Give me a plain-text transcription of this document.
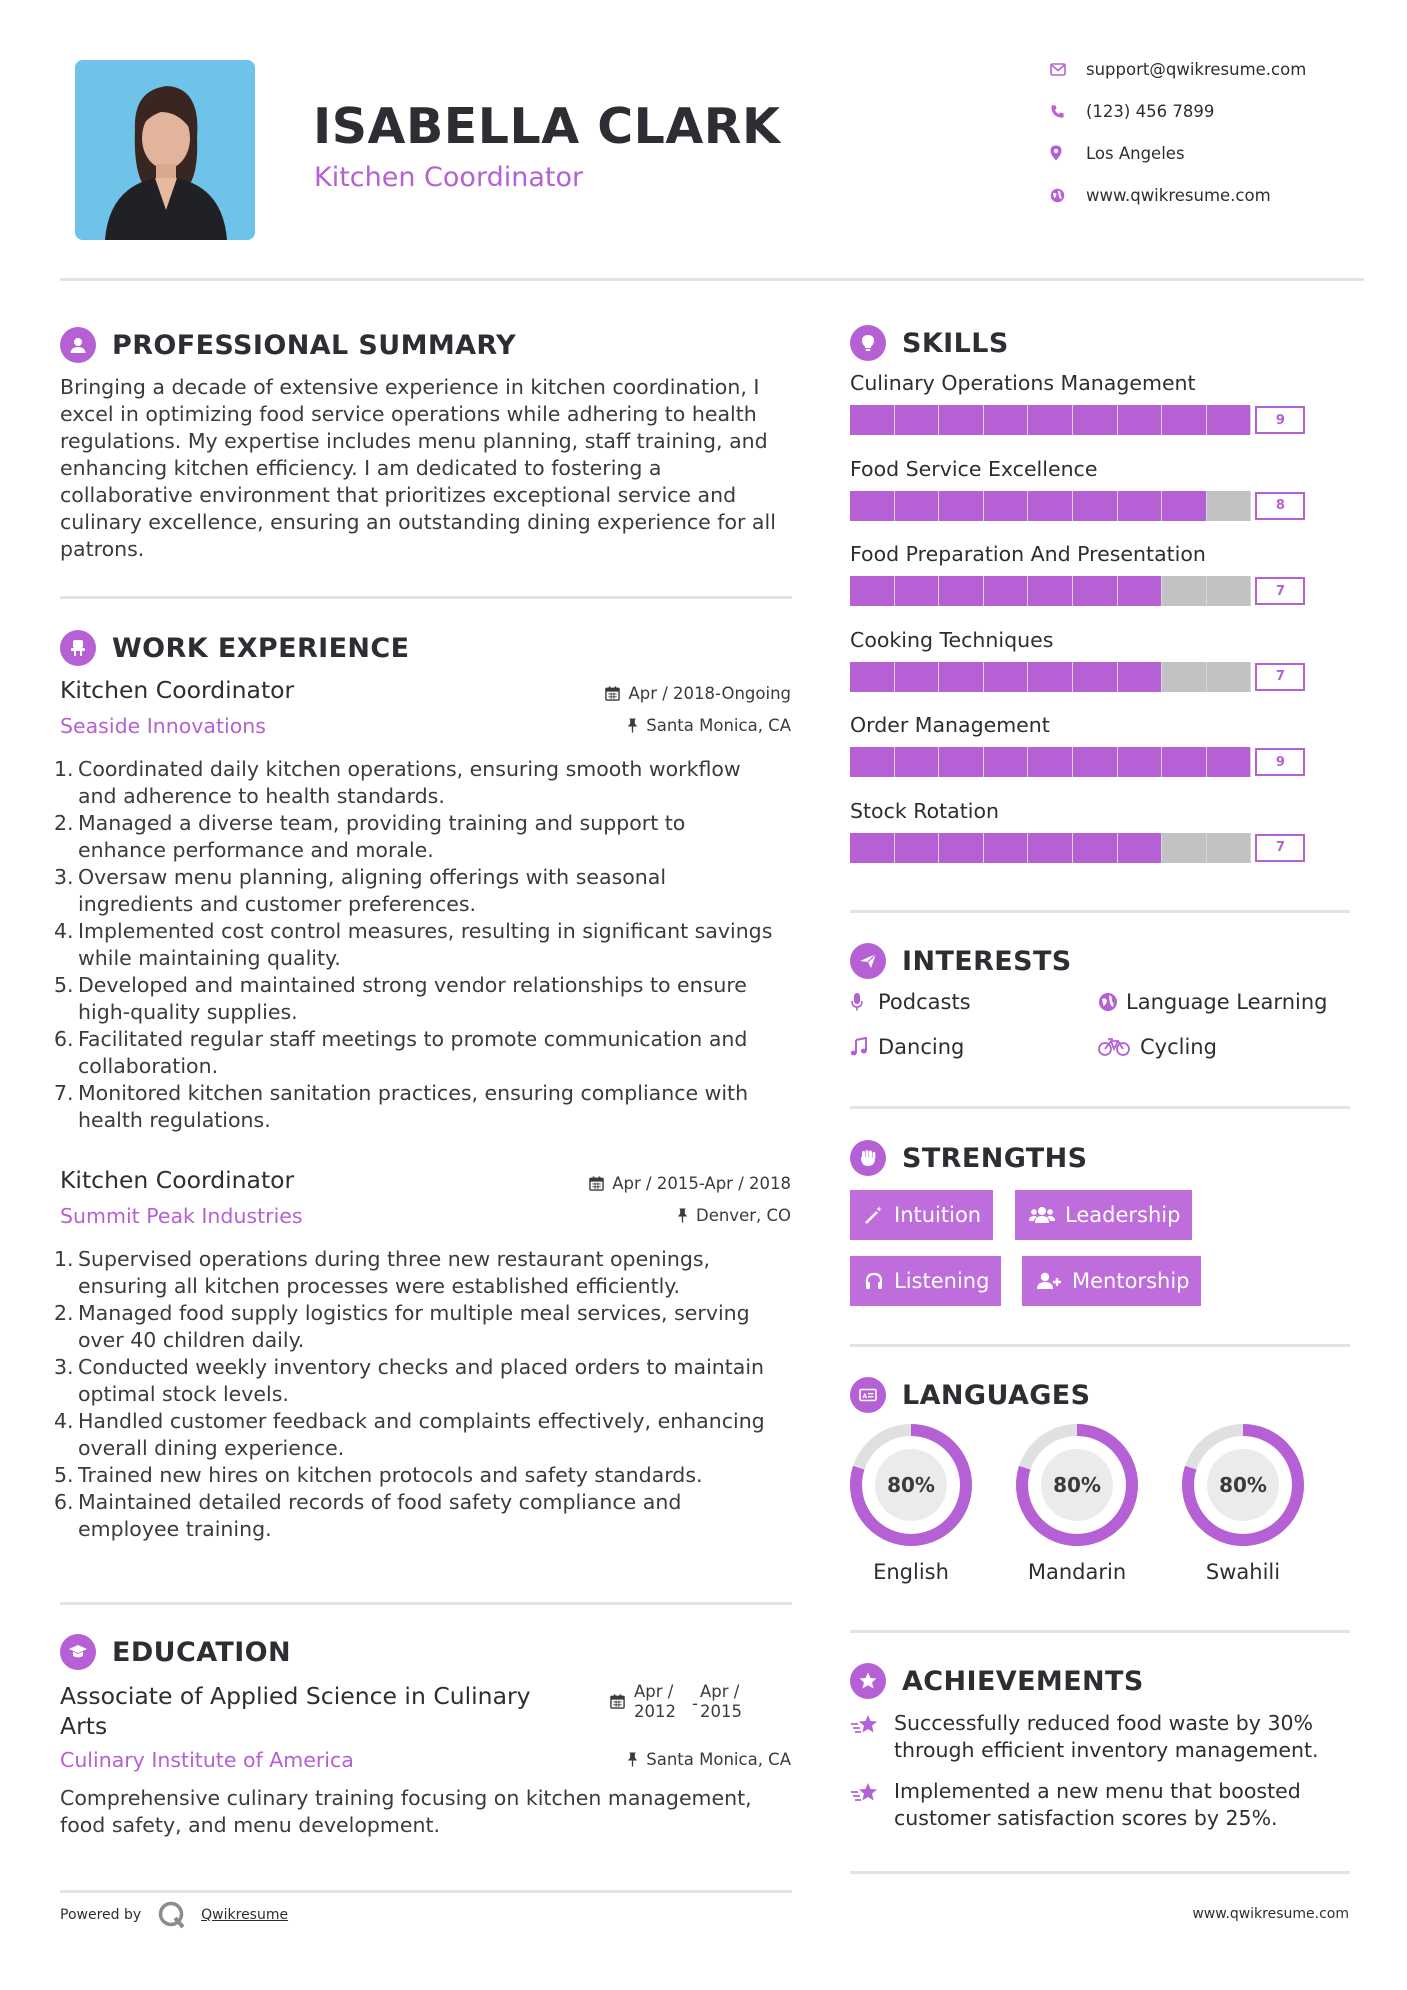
ISABELLA CLARK
Kitchen Coordinator
support@qwikresume.com
(123) 456 7899
Los Angeles
www.qwikresume.com
PROFESSIONAL SUMMARY
Bringing a decade of extensive experience in kitchen coordination, I
excel in optimizing food service operations while adhering to health
regulations. My expertise includes menu planning, staff training, and
enhancing kitchen efficiency. I am dedicated to fostering a
collaborative environment that prioritizes exceptional service and
culinary excellence, ensuring an outstanding dining experience for all
patrons.
WORK EXPERIENCE
Kitchen Coordinator	Apr / 2018-Ongoing
Seaside Innovations	Santa Monica, CA
1. Coordinated daily kitchen operations, ensuring smooth workflow
and adherence to health standards.
2. Managed a diverse team, providing training and support to
enhance performance and morale.
3. Oversaw menu planning, aligning offerings with seasonal
ingredients and customer preferences.
4. Implemented cost control measures, resulting in significant savings
while maintaining quality.
5. Developed and maintained strong vendor relationships to ensure
high-quality supplies.
6. Facilitated regular staff meetings to promote communication and
collaboration.
7. Monitored kitchen sanitation practices, ensuring compliance with
health regulations.
Kitchen Coordinator	Apr / 2015-Apr / 2018
Summit Peak Industries	Denver, CO
1. Supervised operations during three new restaurant openings,
ensuring all kitchen processes were established efficiently.
2. Managed food supply logistics for multiple meal services, serving
over 40 children daily.
3. Conducted weekly inventory checks and placed orders to maintain
optimal stock levels.
4. Handled customer feedback and complaints effectively, enhancing
overall dining experience.
5. Trained new hires on kitchen protocols and safety standards.
6. Maintained detailed records of food safety compliance and
employee training.
EDUCATION
Associate of Applied Science in Culinary
Arts
Apr /
2012 -
Apr /
2015
Culinary Institute of America	Santa Monica, CA
Comprehensive culinary training focusing on kitchen management,
food safety, and menu development.
SKILLS
Culinary Operations Management
9
Food Service Excellence
8
Food Preparation And Presentation
7
Cooking Techniques
7
Order Management
9
Stock Rotation
7
INTERESTS
Podcasts	Language Learning
Dancing	Cycling
STRENGTHS
Intuition	Leadership
Listening	Mentorship
A LANGUAGES
80%	80%	80%
English	Mandarin	Swahili
ACHIEVEMENTS
Successfully reduced food waste by 30%
through efficient inventory management.
Implemented a new menu that boosted
customer satisfaction scores by 25%.
Powered by	Qwikresume	www.qwikresume.com
